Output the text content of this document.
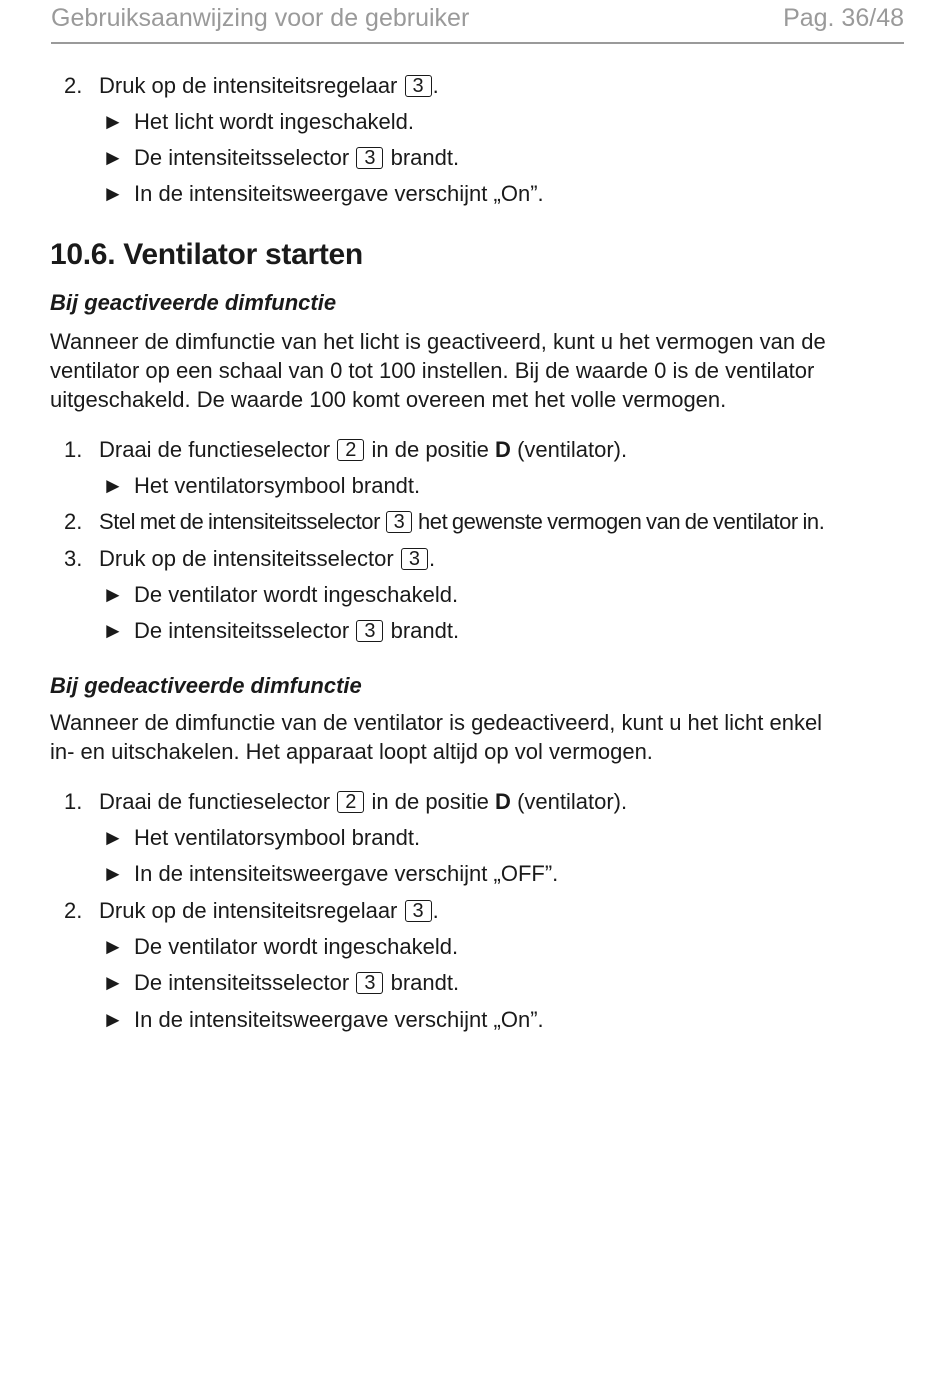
Gebruiksaanwijzing voor de gebruiker	Pag. 36/48
2. Druk op de intensiteitsregelaar 3 .
► Het licht wordt ingeschakeld.
► De intensiteitsselector 3 brandt.
► In de intensiteitsweergave verschijnt „On”.
10.6. Ventilator starten
Bij geactiveerde dimfunctie
Wanneer de dimfunctie van het licht is geactiveerd, kunt u het vermogen van de
ventilator op een schaal van 0 tot 100 instellen. Bij de waarde 0 is de ventilator
uitgeschakeld. De waarde 100 komt overeen met het volle vermogen.
1. Draai de functieselector 2 in de positie D (ventilator).
► Het ventilatorsymbool brandt.
2. Stel met de intensiteitsselector 3 het gewenste vermogen van de ventilator in.
3. Druk op de intensiteitsselector 3 .
► De ventilator wordt ingeschakeld.
► De intensiteitsselector 3 brandt.
Bij gedeactiveerde dimfunctie
Wanneer de dimfunctie van de ventilator is gedeactiveerd, kunt u het licht enkel
in- en uitschakelen. Het apparaat loopt altijd op vol vermogen.
1. Draai de functieselector 2 in de positie D (ventilator).
► Het ventilatorsymbool brandt.
► In de intensiteitsweergave verschijnt „OFF”.
2. Druk op de intensiteitsregelaar 3 .
► De ventilator wordt ingeschakeld.
► De intensiteitsselector 3 brandt.
► In de intensiteitsweergave verschijnt „On”.
